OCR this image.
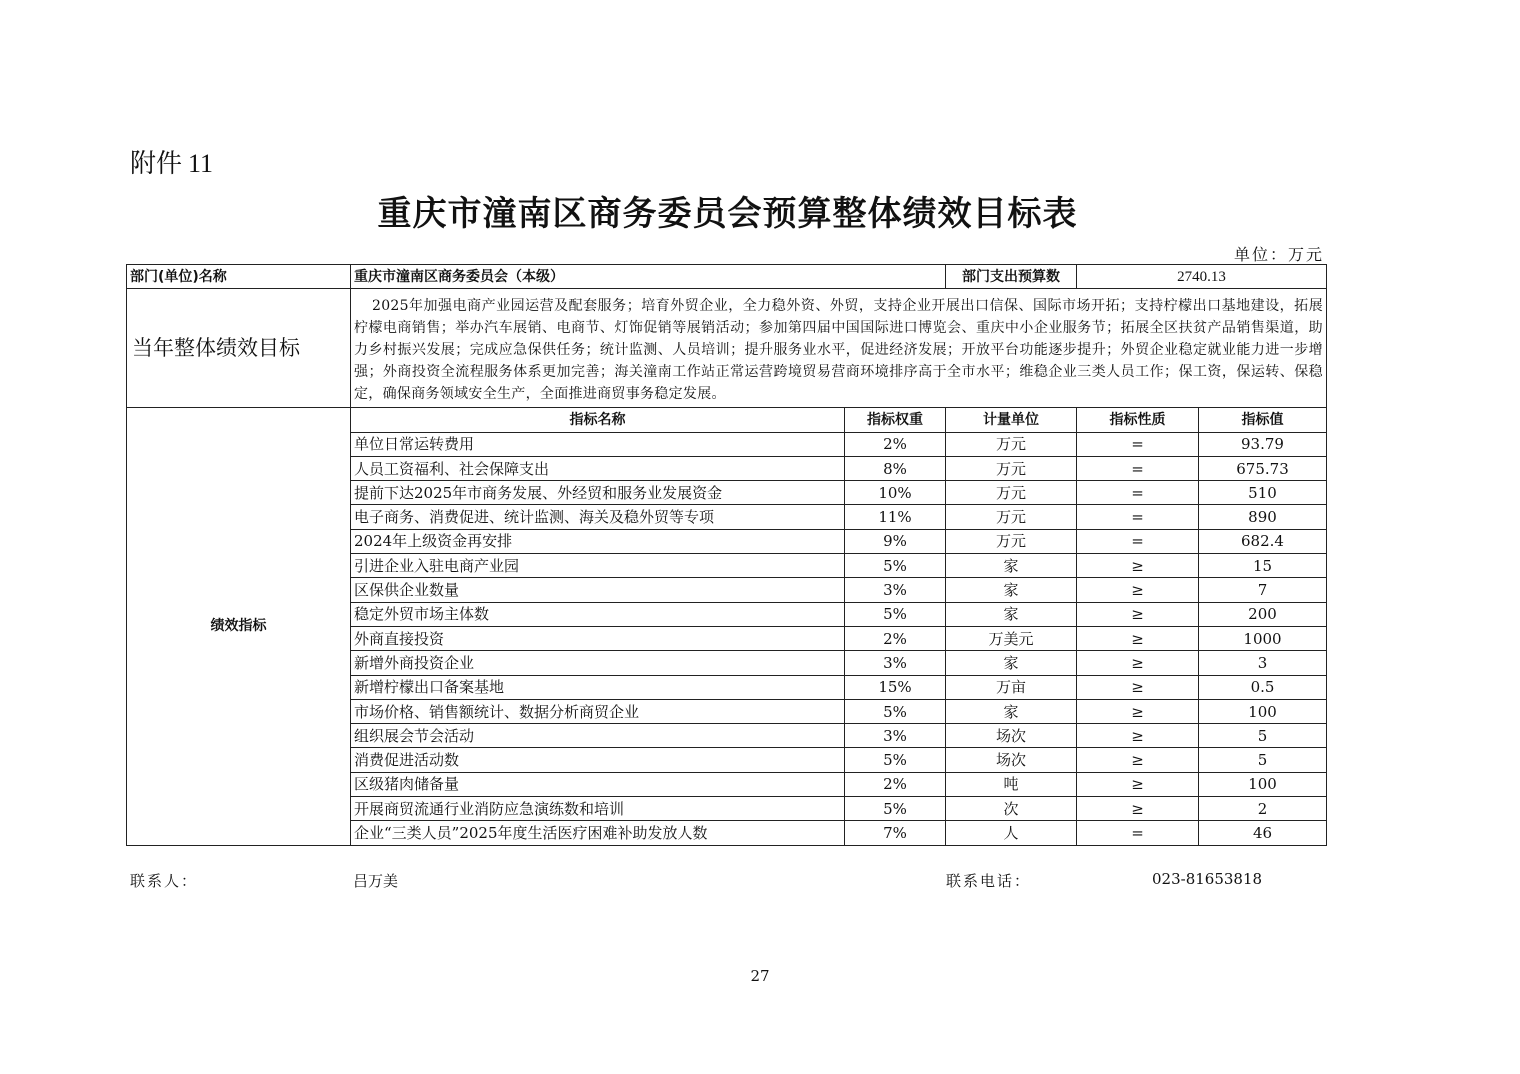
附件 11
重庆市潼南区商务委员会预算整体绩效目标表
单位：万元
部门(单位)名称	重庆市潼南区商务委员会（本级）		部门支出预算数	2740.13	
当年整体绩效目标	2025年加强电商产业园运营及配套服务；培育外贸企业，全力稳外资、外贸，支持企业开展出口信保、国际市场开拓；支持柠檬出口基地建设，拓展柠檬电商销售；举办汽车展销、电商节、灯饰促销等展销活动；参加第四届中国国际进口博览会、重庆中小企业服务节；拓展全区扶贫产品销售渠道，助力乡村振兴发展；完成应急保供任务；统计监测、人员培训；提升服务业水平，促进经济发展；开放平台功能逐步提升；外贸企业稳定就业能力进一步增强；外商投资全流程服务体系更加完善；海关潼南工作站正常运营跨境贸易营商环境排序高于全市水平；维稳企业三类人员工作；保工资，保运转、保稳定，确保商务领域安全生产，全面推进商贸事务稳定发展。				
绩效指标	指标名称	指标权重	计量单位	指标性质	指标值
	单位日常运转费用	2%	万元	=	93.79
	人员工资福利、社会保障支出	8%	万元	=	675.73
	提前下达2025年市商务发展、外经贸和服务业发展资金	10%	万元	=	510
	电子商务、消费促进、统计监测、海关及稳外贸等专项	11%	万元	=	890
	2024年上级资金再安排	9%	万元	=	682.4
	引进企业入驻电商产业园	5%	家	≥	15
	区保供企业数量	3%	家	≥	7
	稳定外贸市场主体数	5%	家	≥	200
	外商直接投资	2%	万美元	≥	1000
	新增外商投资企业	3%	家	≥	3
	新增柠檬出口备案基地	15%	万亩	≥	0.5
	市场价格、销售额统计、数据分析商贸企业	5%	家	≥	100
	组织展会节会活动	3%	场次	≥	5
	消费促进活动数	5%	场次	≥	5
	区级猪肉储备量	2%	吨	≥	100
	开展商贸流通行业消防应急演练数和培训	5%	次	≥	2
	企业“三类人员”2025年度生活医疗困难补助发放人数	7%	人	=	46
联系人：	吕万美	联系电话：	023-81653818
27
